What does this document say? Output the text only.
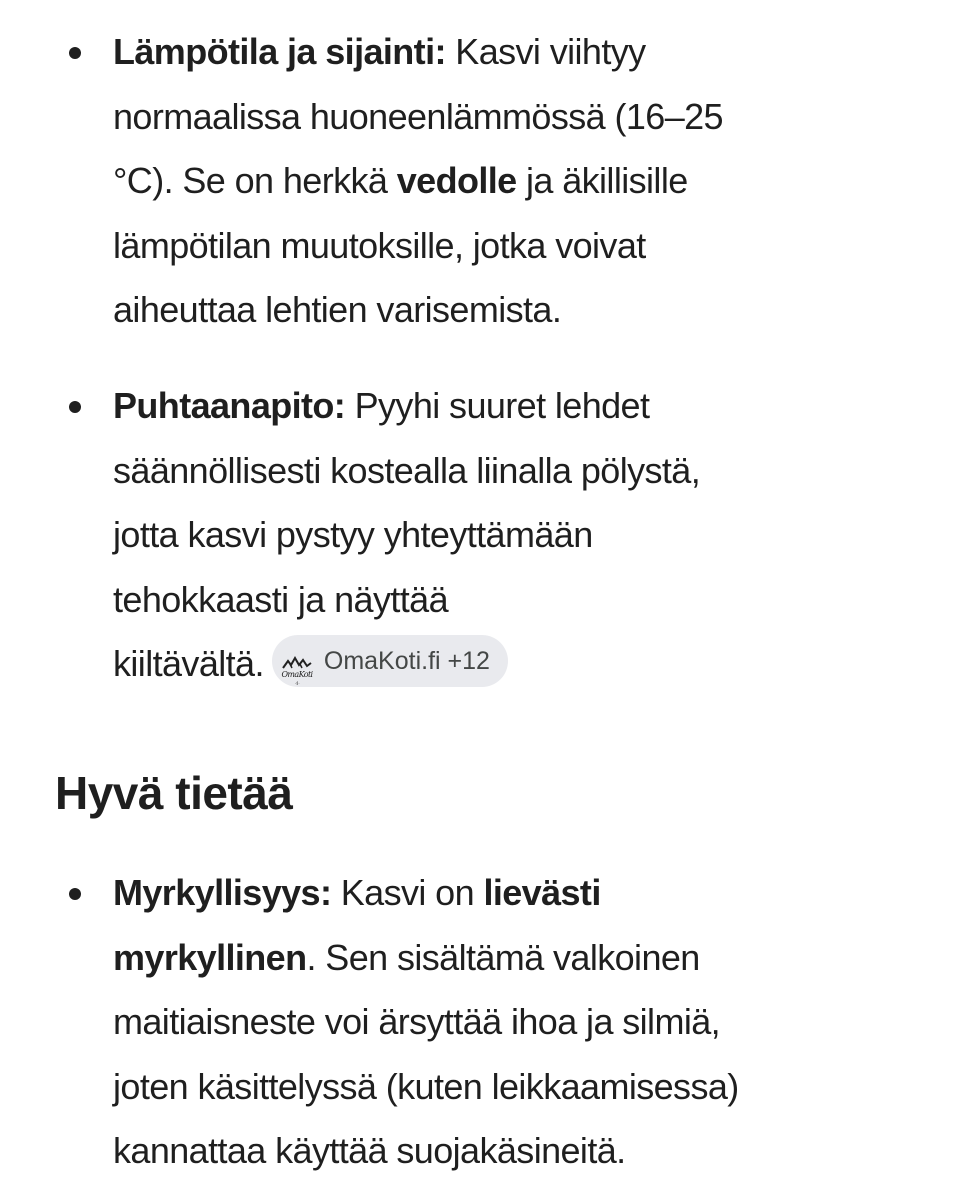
Lämpötila ja sijainti: Kasvi viihtyy
normaalissa huoneenlämmössä (16–25
°C). Se on herkkä vedolle ja äkillisille
lämpötilan muutoksille, jotka voivat
aiheuttaa lehtien varisemista.
Puhtaanapito: Pyyhi suuret lehdet
säännöllisesti kostealla liinalla pölystä,
jotta kasvi pystyy yhteyttämään
tehokkaasti ja näyttää
kiiltävältä. OmaKoti
· fi ·
OmaKoti.fi +12
Hyvä tietää
Myrkyllisyys: Kasvi on lievästi
myrkyllinen. Sen sisältämä valkoinen
maitiaisneste voi ärsyttää ihoa ja silmiä,
joten käsittelyssä (kuten leikkaamisessa)
kannattaa käyttää suojakäsineitä.
